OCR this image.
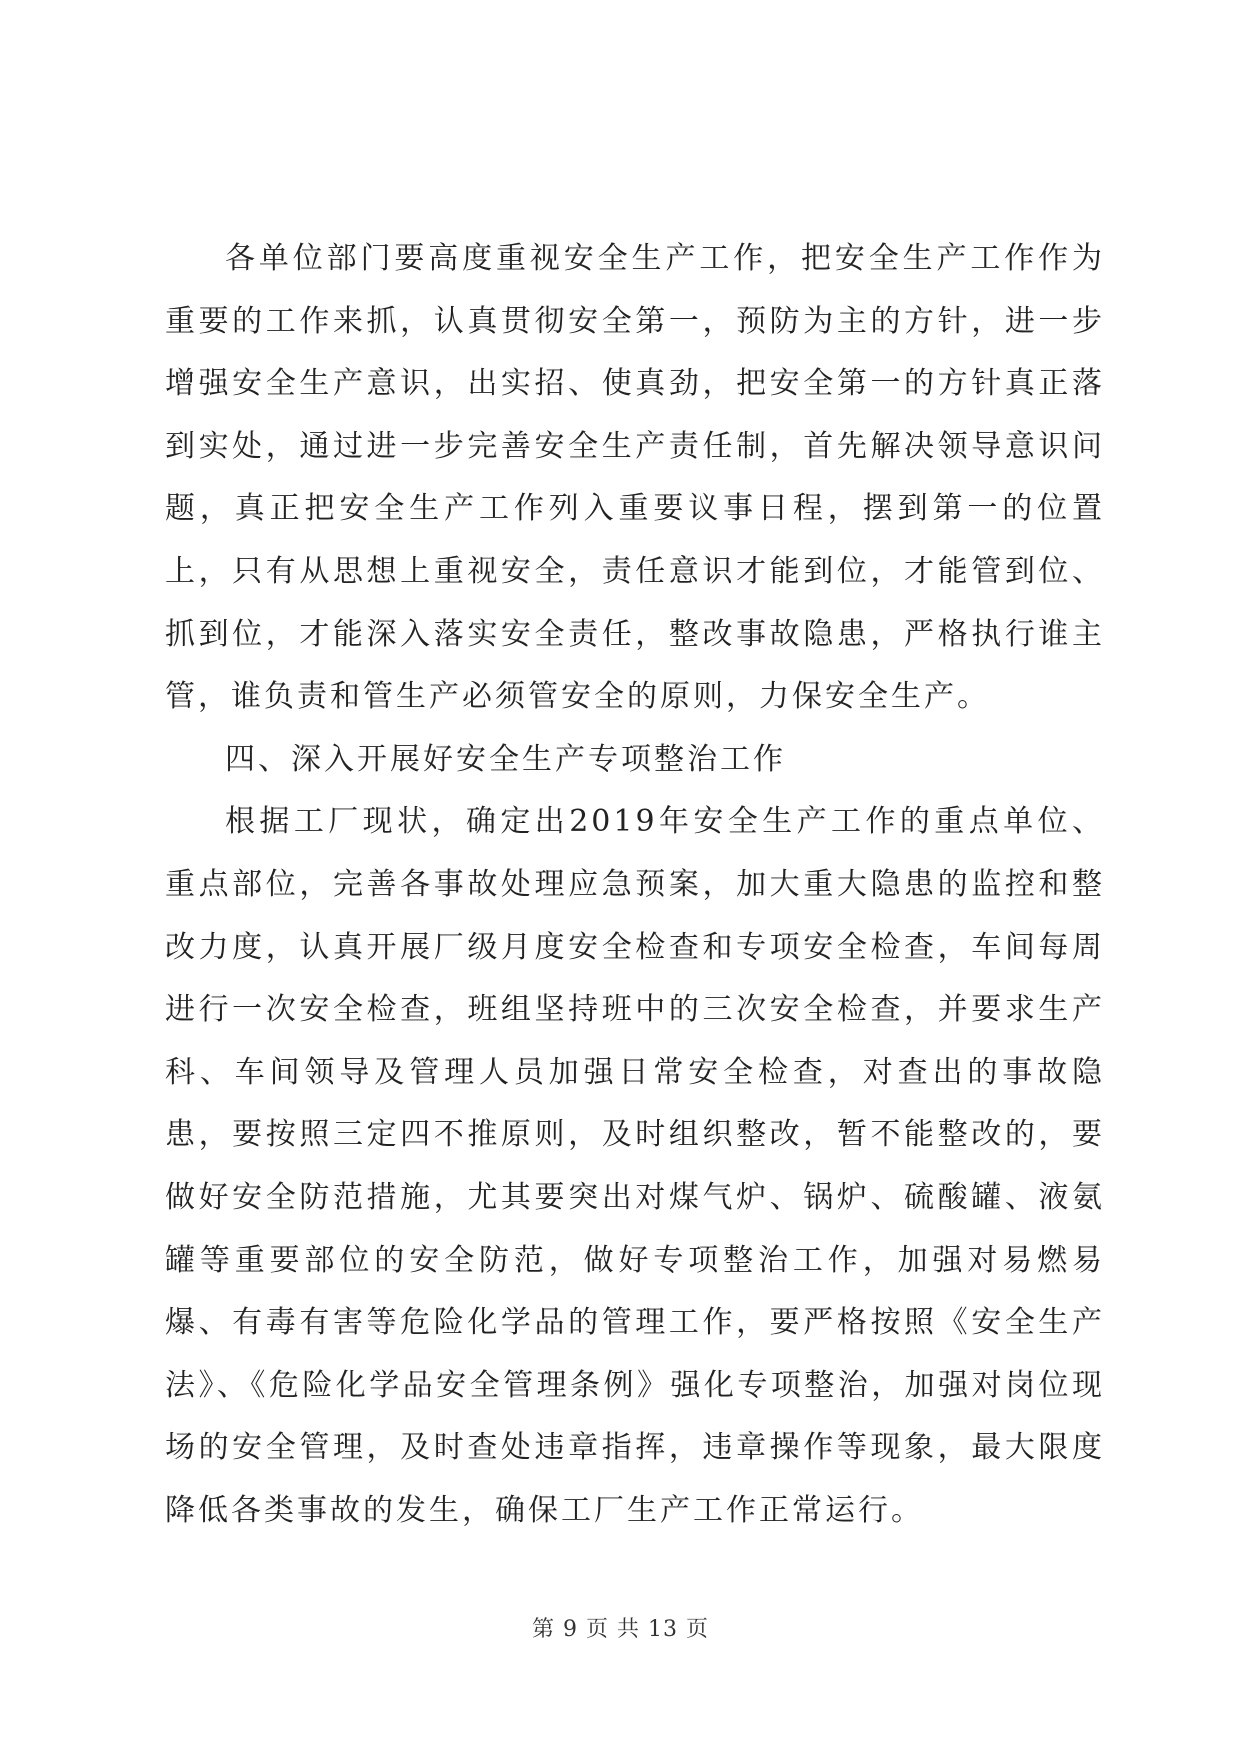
各单位部门要高度重视安全生产工作，把安全生产工作作为重要的工作来抓，认真贯彻安全第一，预防为主的方针，进一步增强安全生产意识，出实招、使真劲，把安全第一的方针真正落到实处，通过进一步完善安全生产责任制，首先解决领导意识问题，真正把安全生产工作列入重要议事日程，摆到第一的位置上，只有从思想上重视安全，责任意识才能到位，才能管到位、抓到位，才能深入落实安全责任，整改事故隐患，严格执行谁主管，谁负责和管生产必须管安全的原则，力保安全生产。

四、深入开展好安全生产专项整治工作

根据工厂现状，确定出2019年安全生产工作的重点单位、重点部位，完善各事故处理应急预案，加大重大隐患的监控和整改力度，认真开展厂级月度安全检查和专项安全检查，车间每周进行一次安全检查，班组坚持班中的三次安全检查，并要求生产科、车间领导及管理人员加强日常安全检查，对查出的事故隐患，要按照三定四不推原则，及时组织整改，暂不能整改的，要做好安全防范措施，尤其要突出对煤气炉、锅炉、硫酸罐、液氨罐等重要部位的安全防范，做好专项整治工作，加强对易燃易爆、有毒有害等危险化学品的管理工作，要严格按照《安全生产法》、《危险化学品安全管理条例》强化专项整治，加强对岗位现场的安全管理，及时查处违章指挥，违章操作等现象，最大限度降低各类事故的发生，确保工厂生产工作正常运行。

第 9 页 共 13 页
